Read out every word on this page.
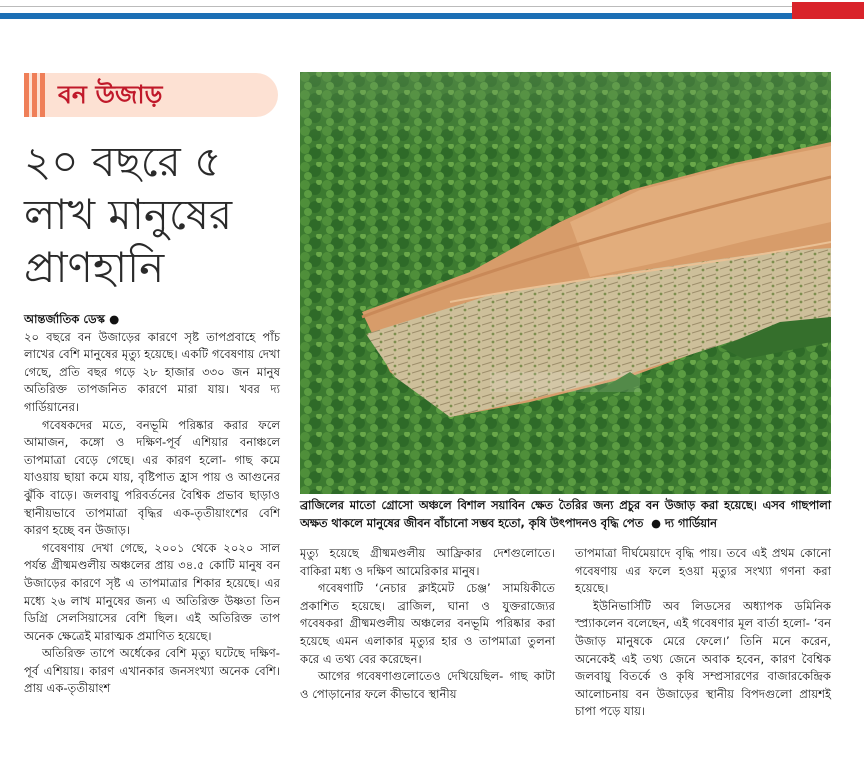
বন উজাড়
২০ বছরে ৫ লাখ মানুষের প্রাণহানি

আন্তর্জাতিক ডেস্ক ●

২০ বছরে বন উজাড়ের কারণে সৃষ্ট তাপপ্রবাহে পাঁচ লাখের বেশি মানুষের মৃত্যু হয়েছে। একটি গবেষণায় দেখা গেছে, প্রতি বছর গড়ে ২৮ হাজার ৩৩০ জন মানুষ অতিরিক্ত তাপজনিত কারণে মারা যায়। খবর দ্য গার্ডিয়ানের।

গবেষকদের মতে, বনভূমি পরিষ্কার করার ফলে আমাজন, কঙ্গো ও দক্ষিণ-পূর্ব এশিয়ার বনাঞ্চলে তাপমাত্রা বেড়ে গেছে। এর কারণ হলো- গাছ কমে যাওয়ায় ছায়া কমে যায়, বৃষ্টিপাত হ্রাস পায় ও আগুনের ঝুঁকি বাড়ে। জলবায়ু পরিবর্তনের বৈশ্বিক প্রভাব ছাড়াও স্থানীয়ভাবে তাপমাত্রা বৃদ্ধির এক-তৃতীয়াংশের বেশি কারণ হচ্ছে বন উজাড়।

গবেষণায় দেখা গেছে, ২০০১ থেকে ২০২০ সাল পর্যন্ত গ্রীষ্মমণ্ডলীয় অঞ্চলের প্রায় ৩৪.৫ কোটি মানুষ বন উজাড়ের কারণে সৃষ্ট এ তাপমাত্রার শিকার হয়েছে। এর মধ্যে ২৬ লাখ মানুষের জন্য এ অতিরিক্ত উষ্ণতা তিন ডিগ্রি সেলসিয়াসের বেশি ছিল। এই অতিরিক্ত তাপ অনেক ক্ষেত্রেই মারাত্মক প্রমাণিত হয়েছে।

অতিরিক্ত তাপে অর্ধেকের বেশি মৃত্যু ঘটেছে দক্ষিণ-পূর্ব এশিয়ায়। কারণ এখানকার জনসংখ্যা অনেক বেশি। প্রায় এক-তৃতীয়াংশ

ব্রাজিলের মাতো গ্রোসো অঞ্চলে বিশাল সয়াবিন ক্ষেত তৈরির জন্য প্রচুর বন উজাড় করা হয়েছে। এসব গাছপালা অক্ষত থাকলে মানুষের জীবন বাঁচানো সম্ভব হতো, কৃষি উৎপাদনও বৃদ্ধি পেত  ● দ্য গার্ডিয়ান

মৃত্যু হয়েছে গ্রীষ্মমণ্ডলীয় আফ্রিকার দেশগুলোতে। বাকিরা মধ্য ও দক্ষিণ আমেরিকার মানুষ।

গবেষণাটি ‘নেচার ক্লাইমেট চেঞ্জ’ সাময়িকীতে প্রকাশিত হয়েছে। ব্রাজিল, ঘানা ও যুক্তরাজ্যের গবেষকরা গ্রীষ্মমণ্ডলীয় অঞ্চলের বনভূমি পরিষ্কার করা হয়েছে এমন এলাকার মৃত্যুর হার ও তাপমাত্রা তুলনা করে এ তথ্য বের করেছেন।

আগের গবেষণাগুলোতেও দেখিয়েছিল- গাছ কাটা ও পোড়ানোর ফলে কীভাবে স্থানীয়

তাপমাত্রা দীর্ঘমেয়াদে বৃদ্ধি পায়। তবে এই প্রথম কোনো গবেষণায় এর ফলে হওয়া মৃত্যুর সংখ্যা গণনা করা হয়েছে।

ইউনিভার্সিটি অব লিডসের অধ্যাপক ডমিনিক স্প্র্যাকলেন বলেছেন, এই গবেষণার মূল বার্তা হলো- ‘বন উজাড় মানুষকে মেরে ফেলে।’ তিনি মনে করেন, অনেকেই এই তথ্য জেনে অবাক হবেন, কারণ বৈশ্বিক জলবায়ু বিতর্কে ও কৃষি সম্প্রসারণের বাজারকেন্দ্রিক আলোচনায় বন উজাড়ের স্থানীয় বিপদগুলো প্রায়শই চাপা পড়ে যায়।
